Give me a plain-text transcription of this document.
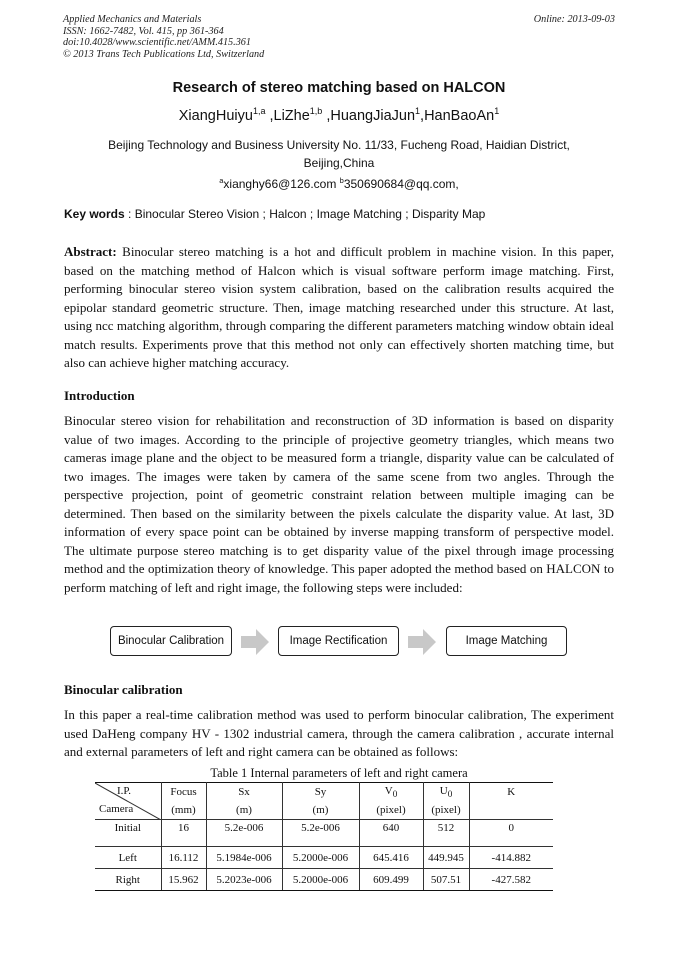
Applied Mechanics and Materials
ISSN: 1662-7482, Vol. 415, pp 361-364
doi:10.4028/www.scientific.net/AMM.415.361
© 2013 Trans Tech Publications Ltd, Switzerland
Online: 2013-09-03
Research of stereo matching based on HALCON
XiangHuiyu$^{1,a}$ ,LiZhe$^{1,b}$ ,HuangJiaJun$^1$,HanBaoAn$^1$
Beijing Technology and Business University No. 11/33, Fucheng Road, Haidian District,
Beijing,China
$^a$xianghy66@126.com $^b$350690684@qq.com,
Key words : Binocular Stereo Vision ; Halcon ; Image Matching ; Disparity Map
Abstract: Binocular stereo matching is a hot and difficult problem in machine vision. In this paper, based on the matching method of Halcon which is visual software perform image matching. First, performing binocular stereo vision system calibration, based on the calibration results acquired the epipolar standard geometric structure. Then, image matching researched under this structure. At last, using ncc matching algorithm, through comparing the different parameters matching window obtain ideal match results. Experiments prove that this method not only can effectively shorten matching time, but also can achieve higher matching accuracy.
Introduction
Binocular stereo vision for rehabilitation and reconstruction of 3D information is based on disparity value of two images. According to the principle of projective geometry triangles, which means two cameras image plane and the object to be measured form a triangle, disparity value can be calculated of two images. The images were taken by camera of the same scene from two angles. Through the perspective projection, point of geometric constraint relation between multiple imaging can be determined. Then based on the similarity between the pixels calculate the disparity value. At last, 3D information of every space point can be obtained by inverse mapping transform of perspective model. The ultimate purpose stereo matching is to get disparity value of the pixel through image processing method and the optimization theory of knowledge. This paper adopted the method based on HALCON to perform matching of left and right image, the following steps were included:
Binocular Calibration	Image Rectification	Image Matching
Binocular calibration
In this paper a real-time calibration method was used to perform binocular calibration, The experiment used DaHeng company HV - 1302 industrial camera, through the camera calibration , accurate internal and external parameters of left and right camera can be obtained as follows:
Table 1 Internal parameters of left and right camera
I.P.
Camera	Focus	Sx	Sy	$V_0$	$U_0$	K
	(mm)	(m)	(m)	(pixel)	(pixel)	
Initial	16	5.2e-006	5.2e-006	640	512	0
Left	16.112	5.1984e-006	5.2000e-006	645.416	449.945	-414.882
Right	15.962	5.2023e-006	5.2000e-006	609.499	507.51	-427.582
